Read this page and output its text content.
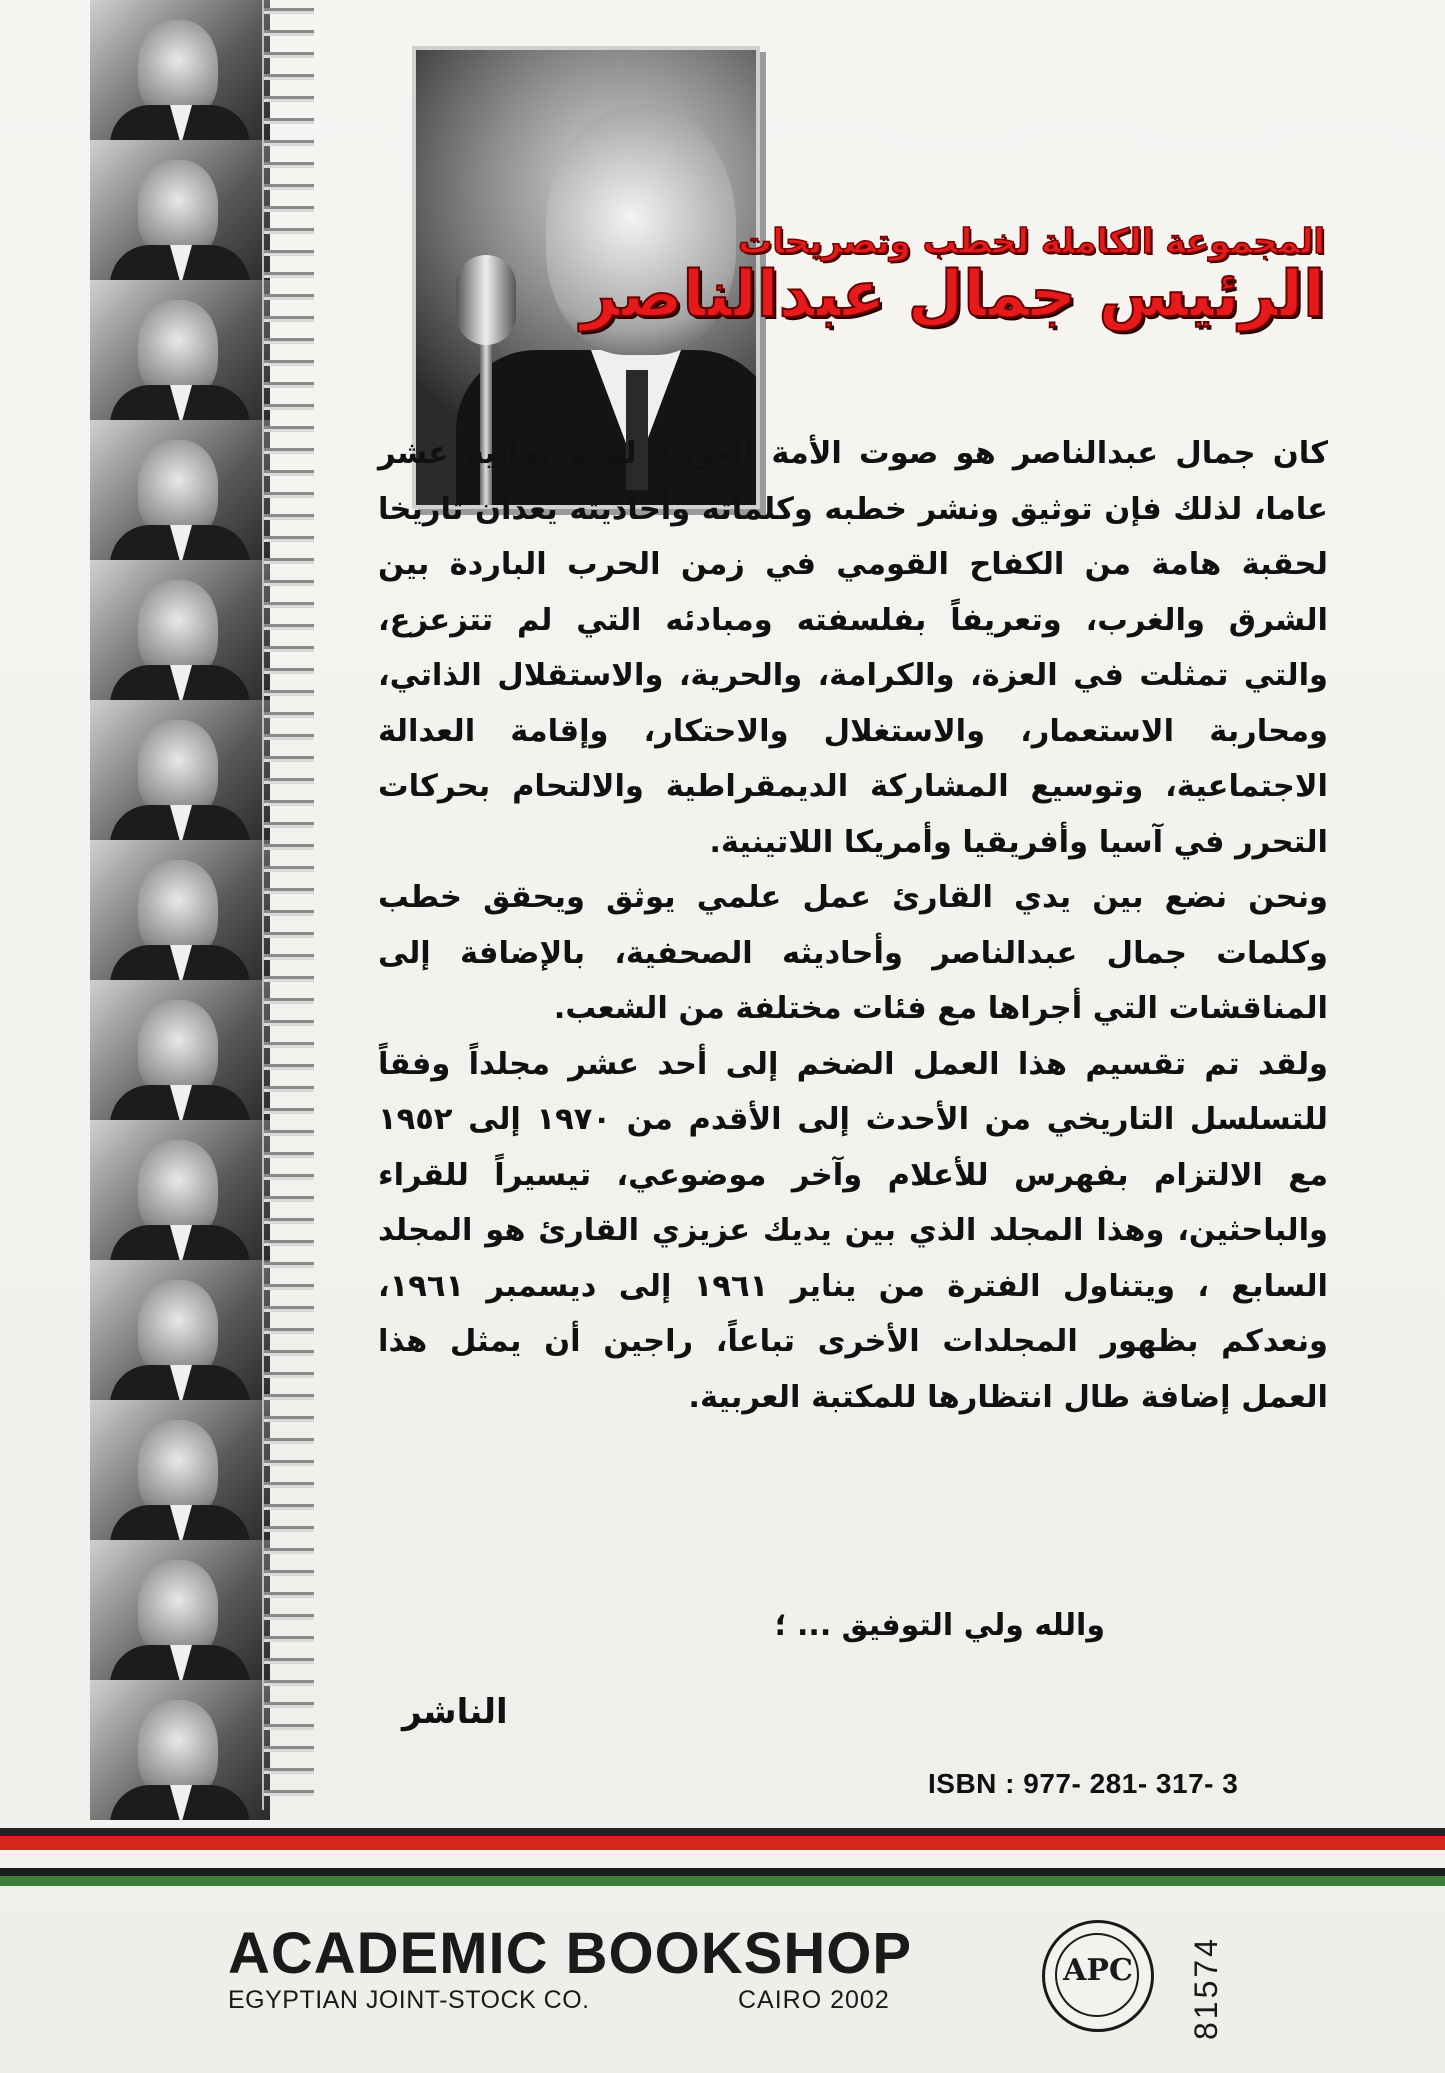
المجموعة الكاملة لخطب وتصريحات
الرئيس جمال عبدالناصر
كان جمال عبدالناصر هو صوت الأمة العربية لمدة ثمانية عشر عاما، لذلك فإن توثيق ونشر خطبه وكلماته وأحاديثه يعدان تاريخا لحقبة هامة من الكفاح القومي في زمن الحرب الباردة بين الشرق والغرب، وتعريفاً بفلسفته ومبادئه التي لم تتزعزع، والتي تمثلت في العزة، والكرامة، والحرية، والاستقلال الذاتي، ومحاربة الاستعمار، والاستغلال والاحتكار، وإقامة العدالة الاجتماعية، وتوسيع المشاركة الديمقراطية والالتحام بحركات التحرر في آسيا وأفريقيا وأمريكا اللاتينية.
ونحن نضع بين يدي القارئ عمل علمي يوثق ويحقق خطب وكلمات جمال عبدالناصر وأحاديثه الصحفية، بالإضافة إلى المناقشات التي أجراها مع فئات مختلفة من الشعب.
ولقد تم تقسيم هذا العمل الضخم إلى أحد عشر مجلداً وفقاً للتسلسل التاريخي من الأحدث إلى الأقدم من ١٩٧٠ إلى ١٩٥٢ مع الالتزام بفهرس للأعلام وآخر موضوعي، تيسيراً للقراء والباحثين، وهذا المجلد الذي بين يديك عزيزي القارئ هو المجلد السابع ، ويتناول الفترة من يناير ١٩٦١ إلى ديسمبر ١٩٦١، ونعدكم بظهور المجلدات الأخرى تباعاً، راجين أن يمثل هذا العمل إضافة طال انتظارها للمكتبة العربية.
والله ولي التوفيق ... ؛
الناشر
ISBN : 977- 281- 317- 3
ACADEMIC BOOKSHOP
EGYPTIAN JOINT-STOCK CO.	CAIRO 2002
APC	81574
